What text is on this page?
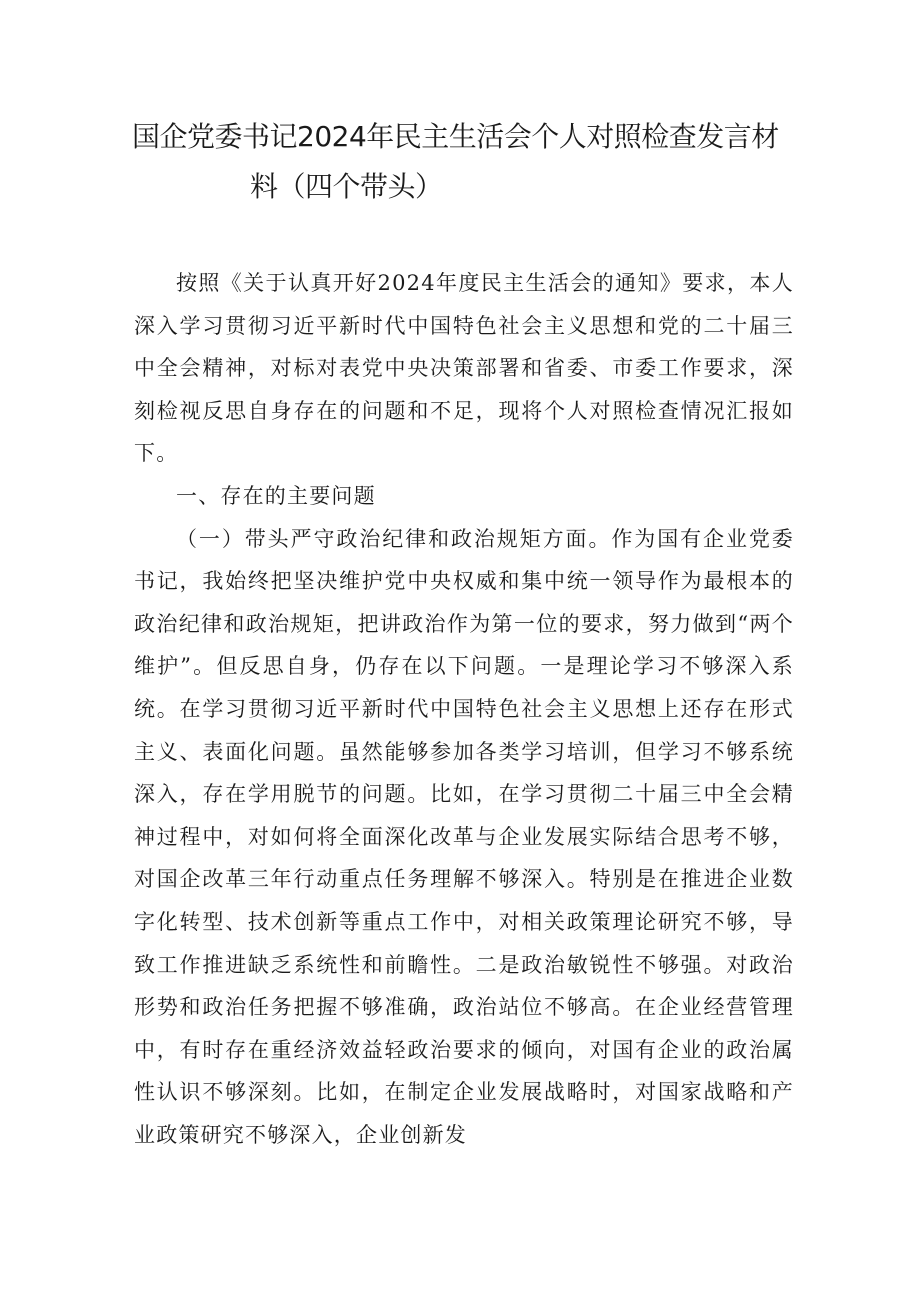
国企党委书记2024年民主生活会个人对照检查发言材
料（四个带头）

按照《关于认真开好2024年度民主生活会的通知》要求，本人深入学习贯彻习近平新时代中国特色社会主义思想和党的二十届三中全会精神，对标对表党中央决策部署和省委、市委工作要求，深刻检视反思自身存在的问题和不足，现将个人对照检查情况汇报如下。

一、存在的主要问题

（一）带头严守政治纪律和政治规矩方面。作为国有企业党委书记，我始终把坚决维护党中央权威和集中统一领导作为最根本的政治纪律和政治规矩，把讲政治作为第一位的要求，努力做到“两个维护”。但反思自身，仍存在以下问题。一是理论学习不够深入系统。在学习贯彻习近平新时代中国特色社会主义思想上还存在形式主义、表面化问题。虽然能够参加各类学习培训，但学习不够系统深入，存在学用脱节的问题。比如，在学习贯彻二十届三中全会精神过程中，对如何将全面深化改革与企业发展实际结合思考不够，对国企改革三年行动重点任务理解不够深入。特别是在推进企业数字化转型、技术创新等重点工作中，对相关政策理论研究不够，导致工作推进缺乏系统性和前瞻性。二是政治敏锐性不够强。对政治形势和政治任务把握不够准确，政治站位不够高。在企业经营管理中，有时存在重经济效益轻政治要求的倾向，对国有企业的政治属性认识不够深刻。比如，在制定企业发展战略时，对国家战略和产业政策研究不够深入，企业创新发
